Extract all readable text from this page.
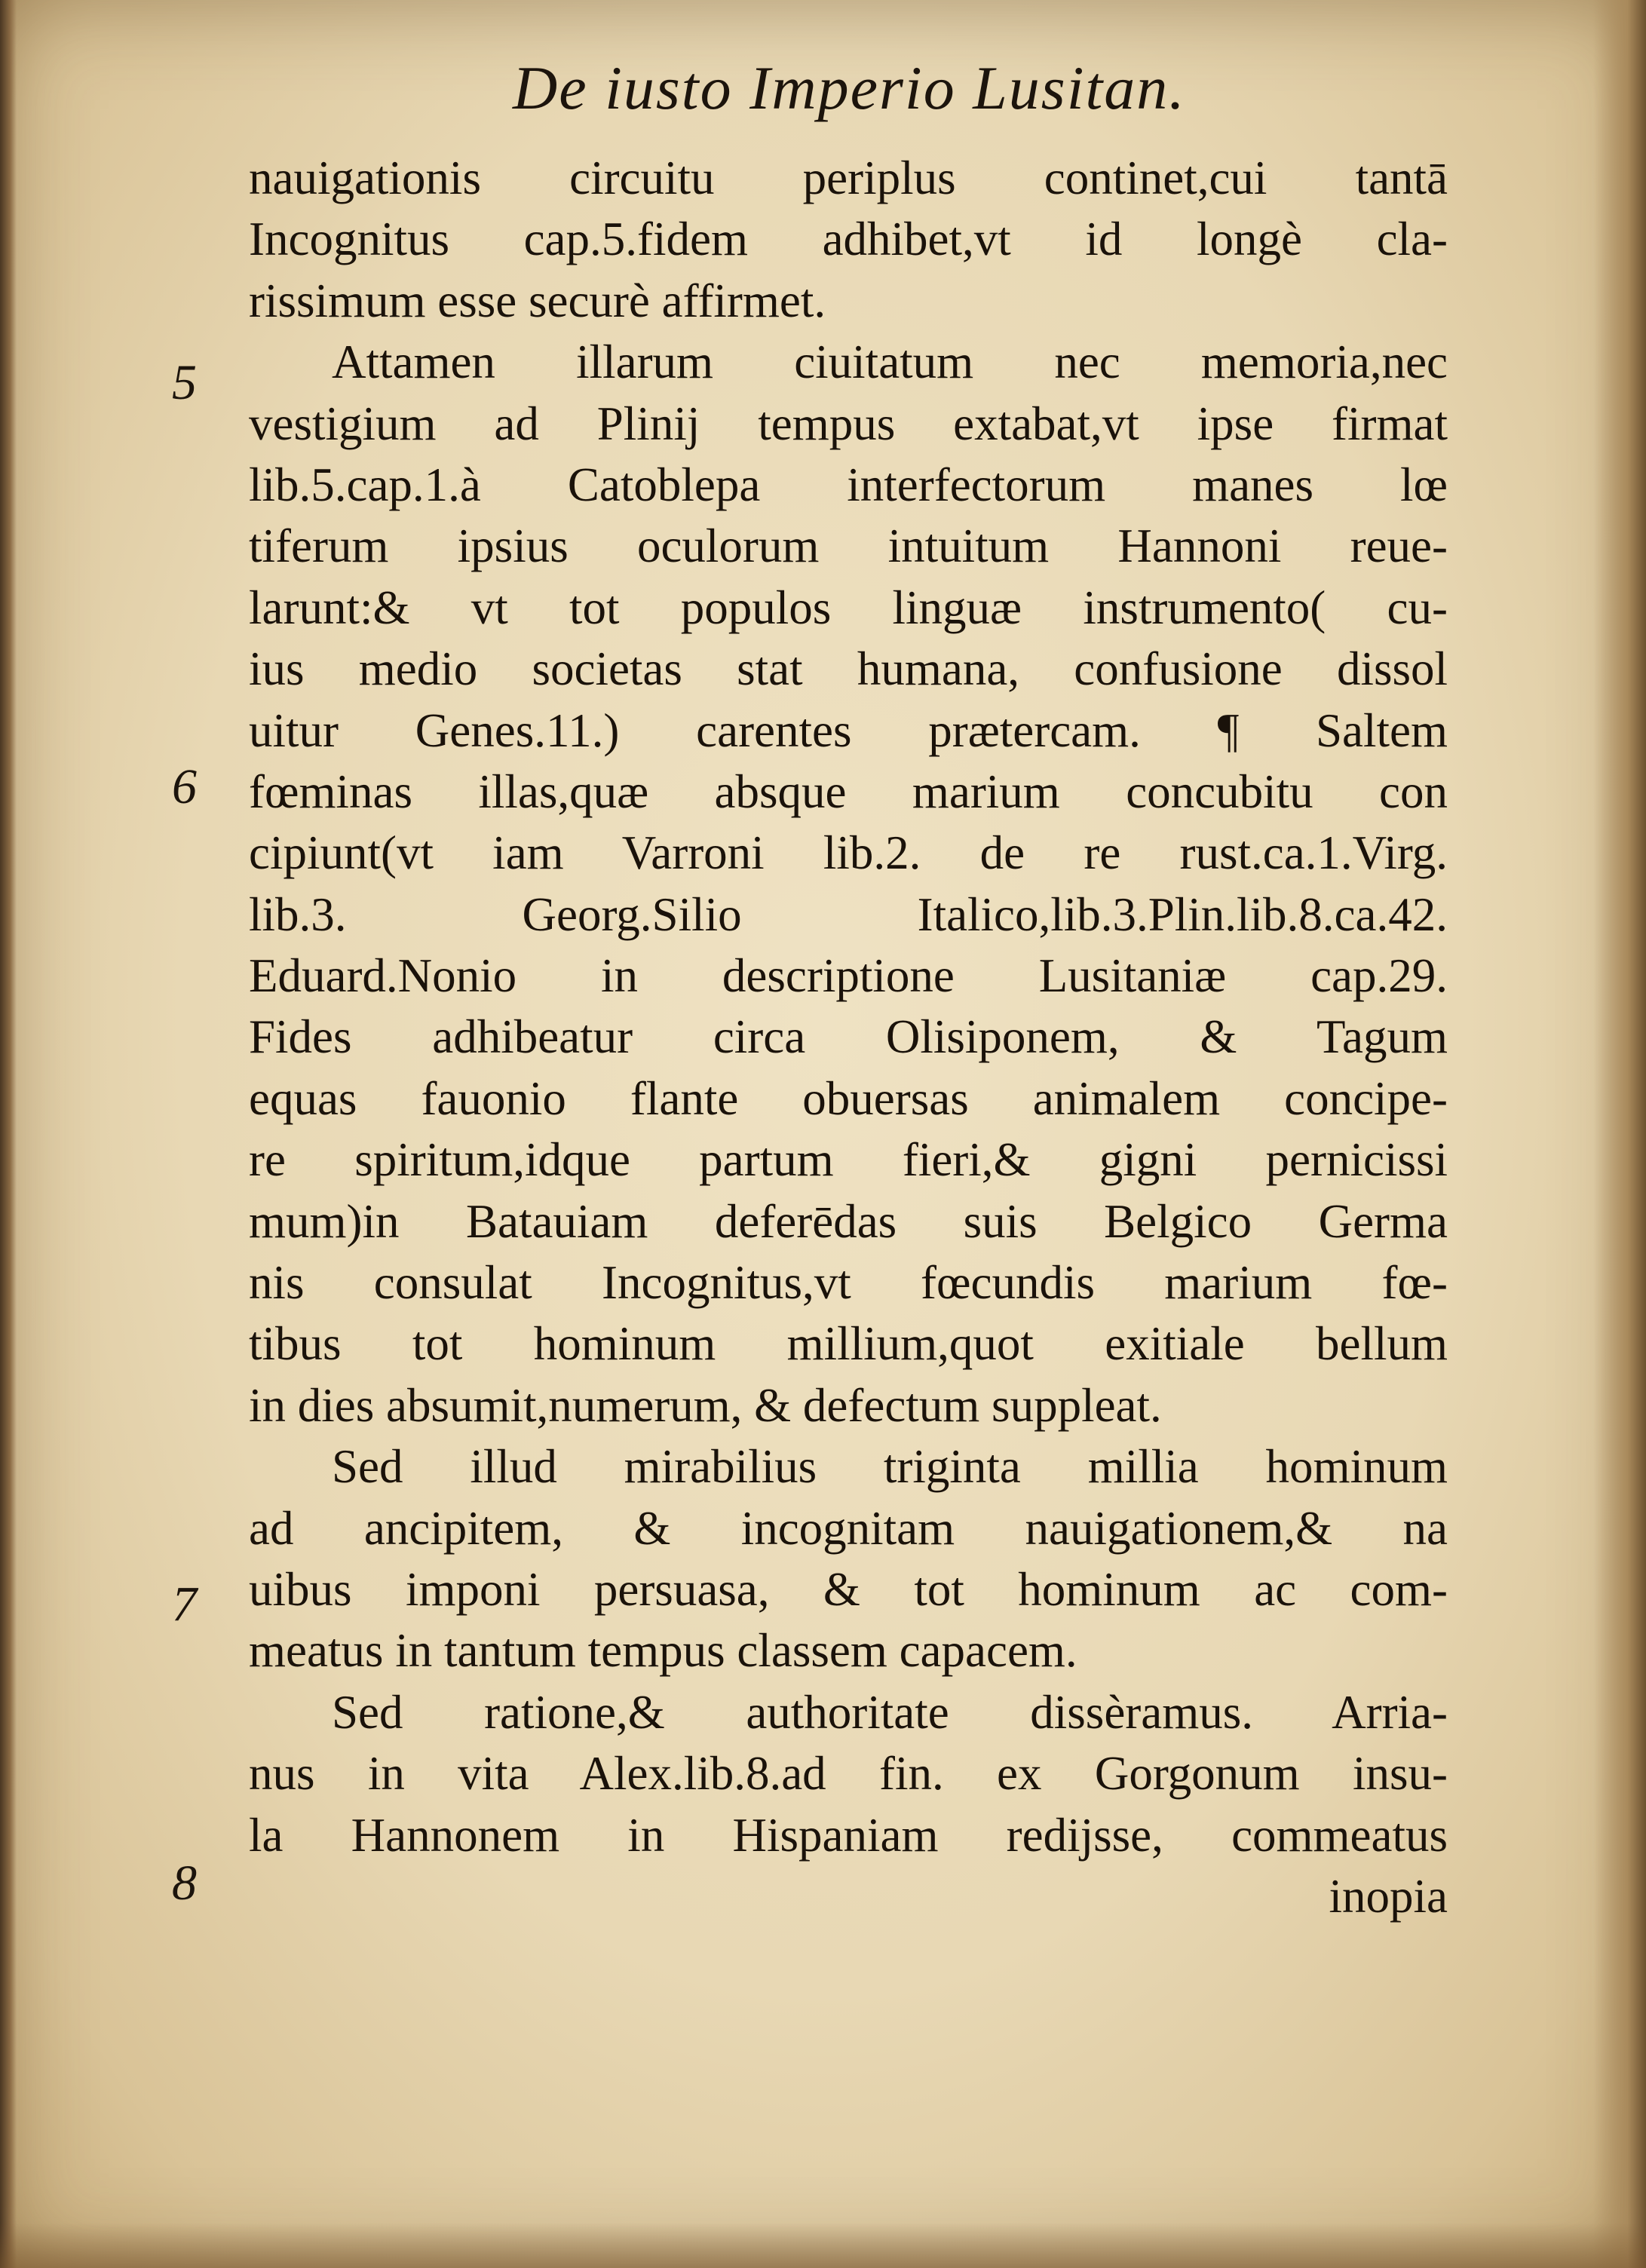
De iusto Imperio Lusitan.
5
6
7
8
nauigationis circuitu periplus continet,cui tantā
Incognitus cap.5.fidem adhibet,vt id longè cla-
rissimum esse securè affirmet.
Attamen illarum ciuitatum nec memoria,nec
vestigium ad Plinij tempus extabat,vt ipse firmat
lib.5.cap.1.à Catoblepa interfectorum manes lœ
tiferum ipsius oculorum intuitum Hannoni reue-
larunt:& vt tot populos linguæ instrumento( cu-
ius medio societas stat humana, confusione dissol
uitur Genes.11.) carentes prætercam. ¶ Saltem
fœminas illas,quæ absque marium concubitu con
cipiunt(vt iam Varroni lib.2. de re rust.ca.1.Virg.
lib.3. Georg.Silio Italico,lib.3.Plin.lib.8.ca.42.
Eduard.Nonio in descriptione Lusitaniæ cap.29.
Fides adhibeatur circa Olisiponem, & Tagum
equas fauonio flante obuersas animalem concipe-
re spiritum,idque partum fieri,& gigni pernicissi
mum)in Batauiam deferēdas suis Belgico Germa
nis consulat Incognitus,vt fœcundis marium fœ-
tibus tot hominum millium,quot exitiale bellum
in dies absumit,numerum, & defectum suppleat.
Sed illud mirabilius triginta millia hominum
ad ancipitem, & incognitam nauigationem,& na
uibus imponi persuasa, & tot hominum ac com-
meatus in tantum tempus classem capacem.
Sed ratione,& authoritate dissèramus. Arria-
nus in vita Alex.lib.8.ad fin. ex Gorgonum insu-
la Hannonem in Hispaniam redijsse, commeatus
inopia
